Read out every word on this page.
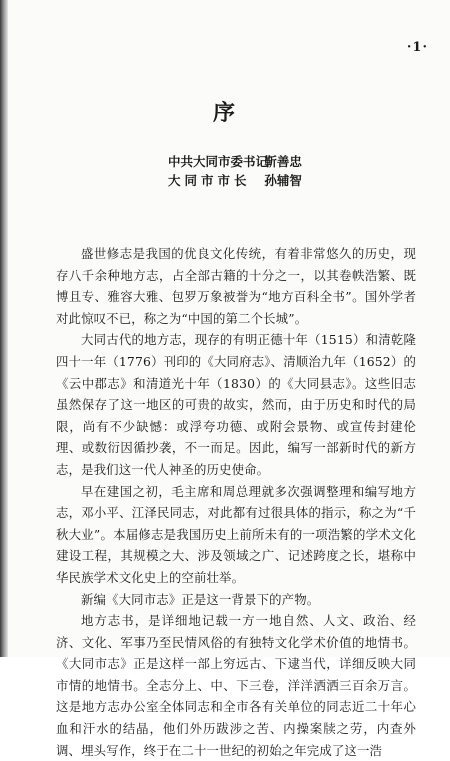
·1·
序
中共大同市委书记 靳善忠
大同市市长 孙辅智

盛世修志是我国的优良文化传统，有着非常悠久的历史，现存八千余种地方志，占全部古籍的十分之一，以其卷帙浩繁、既博且专、雅容大雅、包罗万象被誉为“地方百科全书”。国外学者对此惊叹不已，称之为“中国的第二个长城”。

大同古代的地方志，现存的有明正德十年（1515）和清乾隆四十一年（1776）刊印的《大同府志》、清顺治九年（1652）的《云中郡志》和清道光十年（1830）的《大同县志》。这些旧志虽然保存了这一地区的可贵的故实，然而，由于历史和时代的局限，尚有不少缺憾：或浮夸功德、或附会景物、或宣传封建伦理、或数衍因循抄袭，不一而足。因此，编写一部新时代的新方志，是我们这一代人神圣的历史使命。

早在建国之初，毛主席和周总理就多次强调整理和编写地方志，邓小平、江泽民同志，对此都有过很具体的指示，称之为“千秋大业”。本届修志是我国历史上前所未有的一项浩繁的学术文化建设工程，其规模之大、涉及领域之广、记述跨度之长，堪称中华民族学术文化史上的空前壮举。

新编《大同市志》正是这一背景下的产物。

地方志书，是详细地记载一方一地自然、人文、政治、经济、文化、军事乃至民情风俗的有独特文化学术价值的地情书。《大同市志》正是这样一部上穷远古、下逮当代，详细反映大同市情的地情书。全志分上、中、下三卷，洋洋洒洒三百余万言。这是地方志办公室全体同志和全市各有关单位的同志近二十年心血和汗水的结晶，他们外历跋涉之苦、内操案牍之劳，内查外调、埋头写作，终于在二十一世纪的初始之年完成了这一浩
